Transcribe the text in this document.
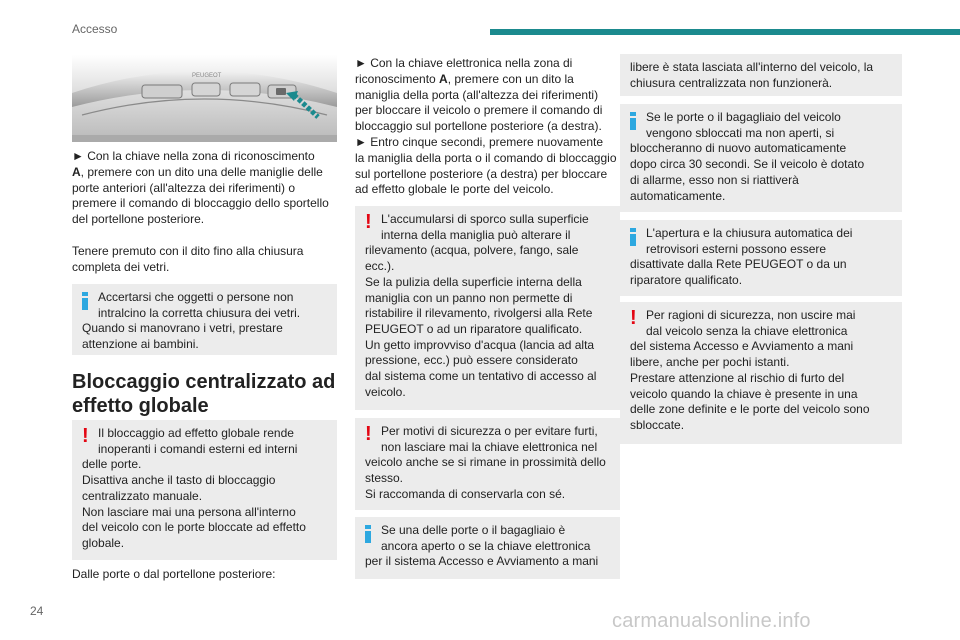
Accesso
PEUGEOT
► Con la chiave nella zona di riconoscimento
A, premere con un dito una delle maniglie delle
porte anteriori (all'altezza dei riferimenti) o
premere il comando di bloccaggio dello sportello
del portellone posteriore.
Tenere premuto con il dito fino alla chiusura
completa dei vetri.
Accertarsi che oggetti o persone non intralcino la corretta chiusura dei vetri.
Quando si manovrano i vetri, prestare
attenzione ai bambini.
Bloccaggio centralizzato ad
effetto globale
! Il bloccaggio ad effetto globale rende inoperanti i comandi esterni ed interni
delle porte.
Disattiva anche il tasto di bloccaggio
centralizzato manuale.
Non lasciare mai una persona all'interno
del veicolo con le porte bloccate ad effetto
globale.
Dalle porte o dal portellone posteriore:
► Con la chiave elettronica nella zona di
riconoscimento A, premere con un dito la
maniglia della porta (all'altezza dei riferimenti)
per bloccare il veicolo o premere il comando di
bloccaggio sul portellone posteriore (a destra).
► Entro cinque secondi, premere nuovamente
la maniglia della porta o il comando di bloccaggio
sul portellone posteriore (a destra) per bloccare
ad effetto globale le porte del veicolo.
! L'accumularsi di sporco sulla superficie interna della maniglia può alterare il
rilevamento (acqua, polvere, fango, sale
ecc.).
Se la pulizia della superficie interna della
maniglia con un panno non permette di
ristabilire il rilevamento, rivolgersi alla Rete
PEUGEOT o ad un riparatore qualificato.
Un getto improvviso d'acqua (lancia ad alta
pressione, ecc.) può essere considerato
dal sistema come un tentativo di accesso al
veicolo.
! Per motivi di sicurezza o per evitare furti, non lasciare mai la chiave elettronica nel
veicolo anche se si rimane in prossimità dello
stesso.
Si raccomanda di conservarla con sé.
Se una delle porte o il bagagliaio è ancora aperto o se la chiave elettronica
per il sistema Accesso e Avviamento a mani
libere è stata lasciata all'interno del veicolo, la
chiusura centralizzata non funzionerà.
Se le porte o il bagagliaio del veicolo vengono sbloccati ma non aperti, si
bloccheranno di nuovo automaticamente
dopo circa 30 secondi. Se il veicolo è dotato
di allarme, esso non si riattiverà
automaticamente.
L'apertura e la chiusura automatica dei retrovisori esterni possono essere
disattivate dalla Rete PEUGEOT o da un
riparatore qualificato.
! Per ragioni di sicurezza, non uscire mai dal veicolo senza la chiave elettronica
del sistema Accesso e Avviamento a mani
libere, anche per pochi istanti.
Prestare attenzione al rischio di furto del
veicolo quando la chiave è presente in una
delle zone definite e le porte del veicolo sono
sbloccate.
24	carmanualsonline.info
